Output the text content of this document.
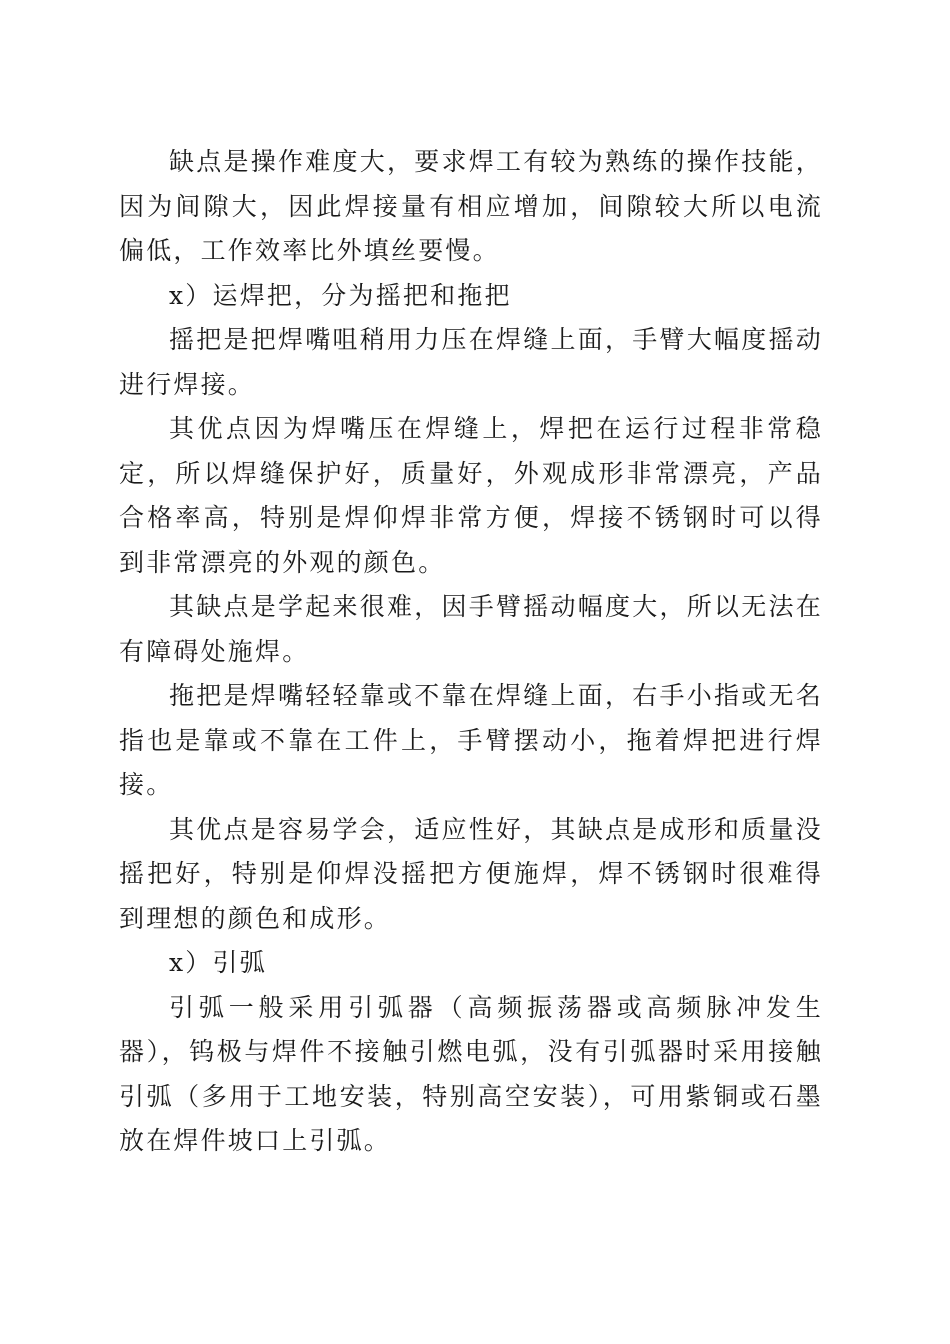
缺点是操作难度大，要求焊工有较为熟练的操作技能，因为间隙大，因此焊接量有相应增加，间隙较大所以电流偏低，工作效率比外填丝要慢。

x）运焊把，分为摇把和拖把

摇把是把焊嘴咀稍用力压在焊缝上面，手臂大幅度摇动进行焊接。

其优点因为焊嘴压在焊缝上，焊把在运行过程非常稳定，所以焊缝保护好，质量好，外观成形非常漂亮，产品合格率高，特别是焊仰焊非常方便，焊接不锈钢时可以得到非常漂亮的外观的颜色。

其缺点是学起来很难，因手臂摇动幅度大，所以无法在有障碍处施焊。

拖把是焊嘴轻轻靠或不靠在焊缝上面，右手小指或无名指也是靠或不靠在工件上，手臂摆动小，拖着焊把进行焊接。

其优点是容易学会，适应性好，其缺点是成形和质量没摇把好，特别是仰焊没摇把方便施焊，焊不锈钢时很难得到理想的颜色和成形。

x）引弧

引弧一般采用引弧器（高频振荡器或高频脉冲发生器），钨极与焊件不接触引燃电弧，没有引弧器时采用接触引弧（多用于工地安装，特别高空安装），可用紫铜或石墨放在焊件坡口上引弧。
